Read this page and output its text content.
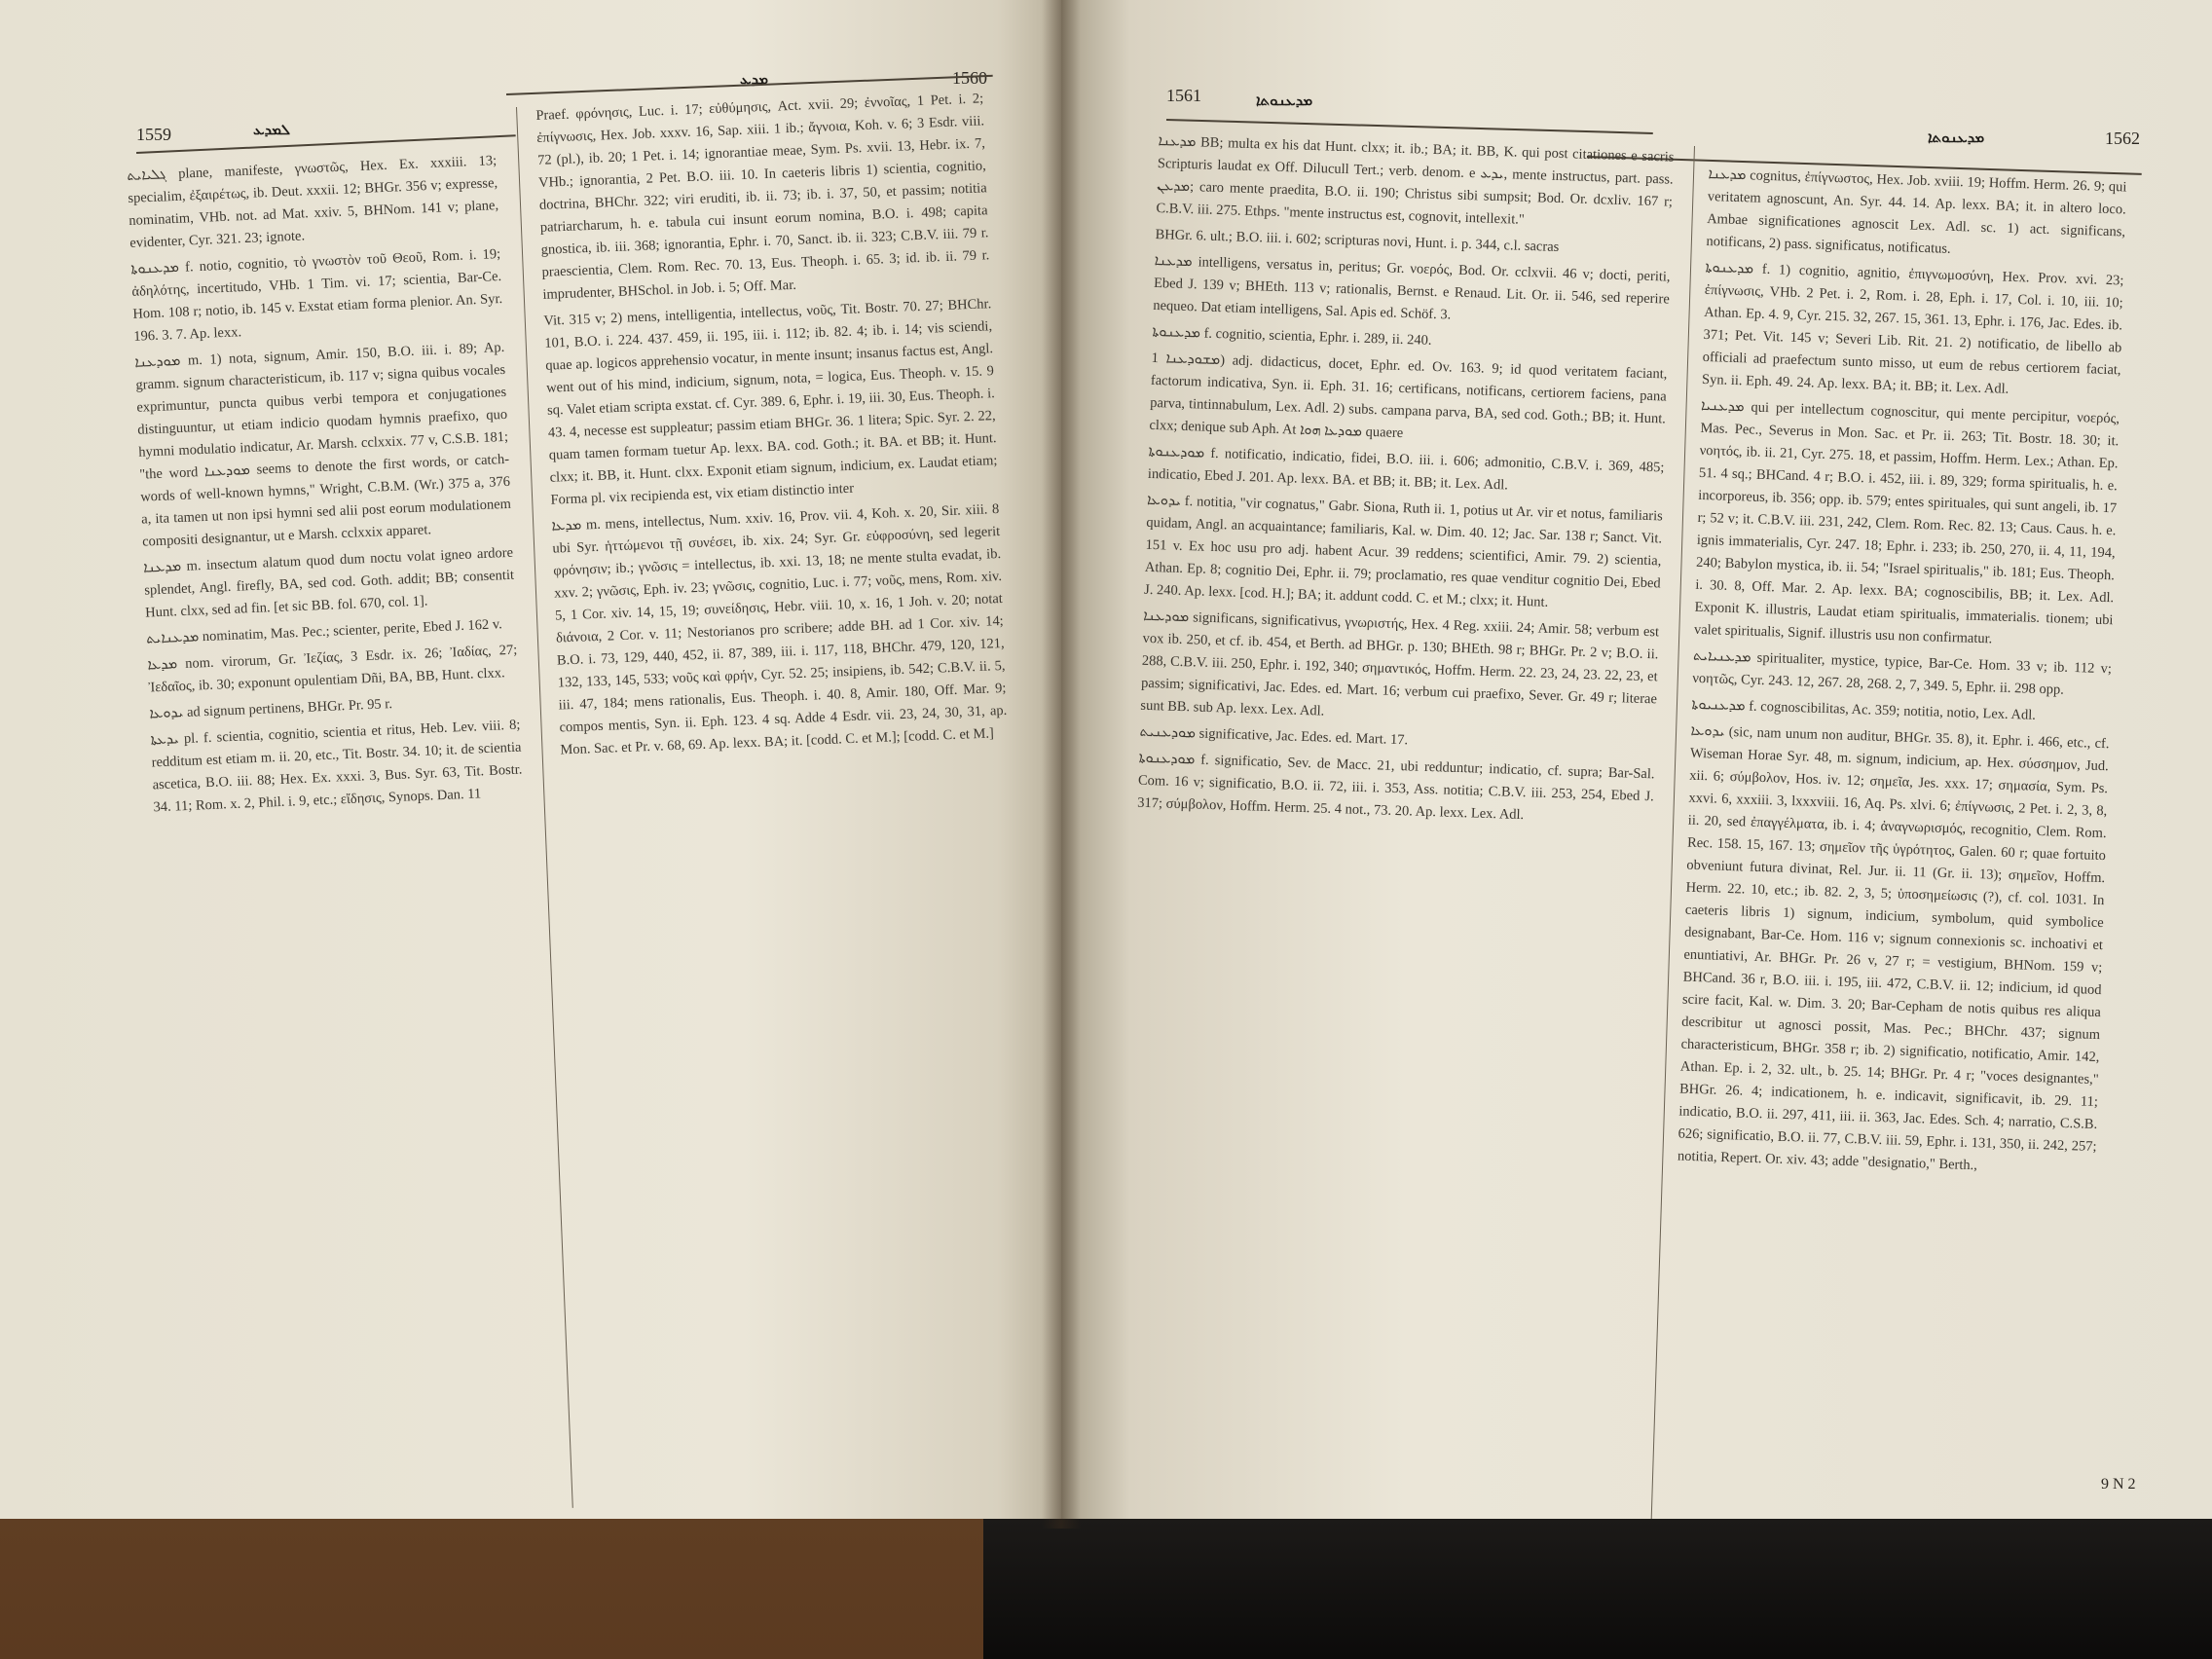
1559	ܠܡܕܥ
ܡܕܥ	1560

ܓܠܝܐܝܬ plane, manifeste, γνωστῶς, Hex. Ex. xxxiii. 13; specialim, ἐξαιρέτως, ib. Deut. xxxii. 12; BHGr. 356 v; expresse, nominatim, VHb. not. ad Mat. xxiv. 5, BHNom. 141 v; plane, evidenter, Cyr. 321. 23; ignote.

ܡܕܥܢܘܬܐ f. notio, cognitio, τὸ γνωστὸν τοῦ Θεοῦ, Rom. i. 19; ἀδηλότης, incertitudo, VHb. 1 Tim. vi. 17; scientia, Bar-Ce. Hom. 108 r; notio, ib. 145 v. Exstat etiam forma plenior. An. Syr. 196. 3. 7. Ap. lexx.

ܡܘܕܥܢܐ m. 1) nota, signum, Amir. 150, B.O. iii. i. 89; Ap. gramm. signum characteristicum, ib. 117 v; signa quibus vocales exprimuntur, puncta quibus verbi tempora et conjugationes distinguuntur, ut etiam indicio quodam hymnis praefixo, quo hymni modulatio indicatur, Ar. Marsh. cclxxix. 77 v, C.S.B. 181; "the word ܡܘܕܥܢܐ seems to denote the first words, or catch-words of well-known hymns," Wright, C.B.M. (Wr.) 375 a, 376 a, ita tamen ut non ipsi hymni sed alii post eorum modulationem compositi designantur, ut e Marsh. cclxxix apparet.

ܡܕܥܢܐ m. insectum alatum quod dum noctu volat igneo ardore splendet, Angl. firefly, BA, sed cod. Goth. addit; BB; consentit Hunt. clxx, sed ad fin. [et sic BB. fol. 670, col. 1].

ܡܕܥܢܐܝܬ nominatim, Mas. Pec.; scienter, perite, Ebed J. 162 v.

ܡܕܥܐ nom. virorum, Gr. Ἰεζίας, 3 Esdr. ix. 26; Ἰαδίας, 27; Ἰεδαῖος, ib. 30; exponunt opulentiam Dñi, BA, BB, Hunt. clxx.

ܝܕܘܥܐ ad signum pertinens, BHGr. Pr. 95 r.

ܝܕܥܬܐ pl. f. scientia, cognitio, scientia et ritus, Heb. Lev. viii. 8; redditum est etiam m. ii. 20, etc., Tit. Bostr. 34. 10; it. de scientia ascetica, B.O. iii. 88; Hex. Ex. xxxi. 3, Bus. Syr. 63, Tit. Bostr. 34. 11; Rom. x. 2, Phil. i. 9, etc.; εἴδησις, Synops. Dan. 11

Praef. φρόνησις, Luc. i. 17; εὐθύμησις, Act. xvii. 29; ἐννοῖας, 1 Pet. i. 2; ἐπίγνωσις, Hex. Job. xxxv. 16, Sap. xiii. 1 ib.; ἄγνοια, Koh. v. 6; 3 Esdr. viii. 72 (pl.), ib. 20; 1 Pet. i. 14; ignorantiae meae, Sym. Ps. xvii. 13, Hebr. ix. 7, VHb.; ignorantia, 2 Pet. B.O. iii. 10. In caeteris libris 1) scientia, cognitio, doctrina, BHChr. 322; viri eruditi, ib. ii. 73; ib. i. 37, 50, et passim; notitia patriarcharum, h. e. tabula cui insunt eorum nomina, B.O. i. 498; capita gnostica, ib. iii. 368; ignorantia, Ephr. i. 70, Sanct. ib. ii. 323; C.B.V. iii. 79 r. praescientia, Clem. Rom. Rec. 70. 13, Eus. Theoph. i. 65. 3; id. ib. ii. 79 r. imprudenter, BHSchol. in Job. i. 5; Off. Mar.

Vit. 315 v; 2) mens, intelligentia, intellectus, νοῦς, Tit. Bostr. 70. 27; BHChr. 101, B.O. i. 224. 437. 459, ii. 195, iii. i. 112; ib. 82. 4; ib. i. 14; vis sciendi, quae ap. logicos apprehensio vocatur, in mente insunt; insanus factus est, Angl. went out of his mind, indicium, signum, nota, = logica, Eus. Theoph. v. 15. 9 sq. Valet etiam scripta exstat. cf. Cyr. 389. 6, Ephr. i. 19, iii. 30, Eus. Theoph. i. 43. 4, necesse est suppleatur; passim etiam BHGr. 36. 1 litera; Spic. Syr. 2. 22, quam tamen formam tuetur Ap. lexx. BA. cod. Goth.; it. BA. et BB; it. Hunt. clxx; it. BB, it. Hunt. clxx. Exponit etiam signum, indicium, ex. Laudat etiam; Forma pl. vix recipienda est, vix etiam distinctio inter

ܡܕܥܐ m. mens, intellectus, Num. xxiv. 16, Prov. vii. 4, Koh. x. 20, Sir. xiii. 8 ubi Syr. ἡττώμενοι τῇ συνέσει, ib. xix. 24; Syr. Gr. εὐφροσύνη, sed legerit φρόνησιν; ib.; γνῶσις = intellectus, ib. xxi. 13, 18; ne mente stulta evadat, ib. xxv. 2; γνῶσις, Eph. iv. 23; γνῶσις, cognitio, Luc. i. 77; νοῦς, mens, Rom. xiv. 5, 1 Cor. xiv. 14, 15, 19; συνείδησις, Hebr. viii. 10, x. 16, 1 Joh. v. 20; notat διάνοια, 2 Cor. v. 11; Nestorianos pro scribere; adde BH. ad 1 Cor. xiv. 14; B.O. i. 73, 129, 440, 452, ii. 87, 389, iii. i. 117, 118, BHChr. 479, 120, 121, 132, 133, 145, 533; νοῦς καὶ φρήν, Cyr. 52. 25; insipiens, ib. 542; C.B.V. ii. 5, iii. 47, 184; mens rationalis, Eus. Theoph. i. 40. 8, Amir. 180, Off. Mar. 9; compos mentis, Syn. ii. Eph. 123. 4 sq. Adde 4 Esdr. vii. 23, 24, 30, 31, ap. Mon. Sac. et Pr. v. 68, 69. Ap. lexx. BA; it. [codd. C. et M.]; [codd. C. et M.]

1561	ܡܕܥܢܘܬܐ
ܡܕܥܢܘܬܐ	1562

ܡܕܥܢܐ BB; multa ex his dat Hunt. clxx; it. ib.; BA; it. BB, K. qui post citationes e sacris Scripturis laudat ex Off. Dilucull Tert.; verb. denom. e ܝܕܥ, mente instructus, part. pass. ܡܕܥܢ; caro mente praedita, B.O. ii. 190; Christus sibi sumpsit; Bod. Or. dcxliv. 167 r; C.B.V. iii. 275. Ethps. "mente instructus est, cognovit, intellexit."

BHGr. 6. ult.; B.O. iii. i. 602; scripturas novi, Hunt. i. p. 344, c.l. sacras

ܡܕܥܢܐ intelligens, versatus in, peritus; Gr. νοερός, Bod. Or. cclxvii. 46 v; docti, periti, Ebed J. 139 v; BHEth. 113 v; rationalis, Bernst. e Renaud. Lit. Or. ii. 546, sed reperire nequeo. Dat etiam intelligens, Sal. Apis ed. Schöf. 3.

ܡܕܥܢܘܬܐ f. cognitio, scientia, Ephr. i. 289, ii. 240.

ܡܫܘܕܥܢܐ 1) adj. didacticus, docet, Ephr. ed. Ov. 163. 9; id quod veritatem faciant, factorum indicativa, Syn. ii. Eph. 31. 16; certificans, notificans, certiorem faciens, pana parva, tintinnabulum, Lex. Adl. 2) subs. campana parva, BA, sed cod. Goth.; BB; it. Hunt. clxx; denique sub Aph. At ܡܘܕܥܐ ܗܘܐ quaere

ܡܘܕܥܢܘܬܐ f. notificatio, indicatio, fidei, B.O. iii. i. 606; admonitio, C.B.V. i. 369, 485; indicatio, Ebed J. 201. Ap. lexx. BA. et BB; it. BB; it. Lex. Adl.

ܝܕܘܥܐ f. notitia, "vir cognatus," Gabr. Siona, Ruth ii. 1, potius ut Ar. vir et notus, familiaris quidam, Angl. an acquaintance; familiaris, Kal. w. Dim. 40. 12; Jac. Sar. 138 r; Sanct. Vit. 151 v. Ex hoc usu pro adj. habent Acur. 39 reddens; scientifici, Amir. 79. 2) scientia, Athan. Ep. 8; cognitio Dei, Ephr. ii. 79; proclamatio, res quae venditur cognitio Dei, Ebed J. 240. Ap. lexx. [cod. H.]; BA; it. addunt codd. C. et M.; clxx; it. Hunt.

ܡܘܕܥܢܐ significans, significativus, γνωριστής, Hex. 4 Reg. xxiii. 24; Amir. 58; verbum est vox ib. 250, et cf. ib. 454, et Berth. ad BHGr. p. 130; BHEth. 98 r; BHGr. Pr. 2 v; B.O. ii. 288, C.B.V. iii. 250, Ephr. i. 192, 340; σημαντικός, Hoffm. Herm. 22. 23, 24, 23. 22, 23, et passim; significativi, Jac. Edes. ed. Mart. 16; verbum cui praefixo, Sever. Gr. 49 r; literae sunt BB. sub Ap. lexx. Lex. Adl.

ܡܘܕܥܢܝܬ significative, Jac. Edes. ed. Mart. 17.

ܡܘܕܥܢܘܬܐ f. significatio, Sev. de Macc. 21, ubi redduntur; indicatio, cf. supra; Bar-Sal. Com. 16 v; significatio, B.O. ii. 72, iii. i. 353, Ass. notitia; C.B.V. iii. 253, 254, Ebed J. 317; σύμβολον, Hoffm. Herm. 25. 4 not., 73. 20. Ap. lexx. Lex. Adl.

ܡܕܥܢܐ cognitus, ἐπίγνωστος, Hex. Job. xviii. 19; Hoffm. Herm. 26. 9; qui veritatem agnoscunt, An. Syr. 44. 14. Ap. lexx. BA; it. in altero loco. Ambae significationes agnoscit Lex. Adl. sc. 1) act. significans, notificans, 2) pass. significatus, notificatus.

ܡܕܥܢܘܬܐ f. 1) cognitio, agnitio, ἐπιγνωμοσύνη, Hex. Prov. xvi. 23; ἐπίγνωσις, VHb. 2 Pet. i. 2, Rom. i. 28, Eph. i. 17, Col. i. 10, iii. 10; Athan. Ep. 4. 9, Cyr. 215. 32, 267. 15, 361. 13, Ephr. i. 176, Jac. Edes. ib. 371; Pet. Vit. 145 v; Severi Lib. Rit. 21. 2) notificatio, de libello ab officiali ad praefectum sunto misso, ut eum de rebus certiorem faciat, Syn. ii. Eph. 49. 24. Ap. lexx. BA; it. BB; it. Lex. Adl.

ܡܕܥܢܝܐ qui per intellectum cognoscitur, qui mente percipitur, νοερός, Mas. Pec., Severus in Mon. Sac. et Pr. ii. 263; Tit. Bostr. 18. 30; it. νοητός, ib. ii. 21, Cyr. 275. 18, et passim, Hoffm. Herm. Lex.; Athan. Ep. 51. 4 sq.; BHCand. 4 r; B.O. i. 452, iii. i. 89, 329; forma spiritualis, h. e. incorporeus, ib. 356; opp. ib. 579; entes spirituales, qui sunt angeli, ib. 17 r; 52 v; it. C.B.V. iii. 231, 242, Clem. Rom. Rec. 82. 13; Caus. Caus. h. e. ignis immaterialis, Cyr. 247. 18; Ephr. i. 233; ib. 250, 270, ii. 4, 11, 194, 240; Babylon mystica, ib. ii. 54; "Israel spiritualis," ib. 181; Eus. Theoph. i. 30. 8, Off. Mar. 2. Ap. lexx. BA; cognoscibilis, BB; it. Lex. Adl. Exponit K. illustris, Laudat etiam spiritualis, immaterialis. tionem; ubi valet spiritualis, Signif. illustris usu non confirmatur.

ܡܕܥܢܝܐܝܬ spiritualiter, mystice, typice, Bar-Ce. Hom. 33 v; ib. 112 v; νοητῶς, Cyr. 243. 12, 267. 28, 268. 2, 7, 349. 5, Ephr. ii. 298 opp.

ܡܕܥܢܝܘܬܐ f. cognoscibilitas, Ac. 359; notitia, notio, Lex. Adl.

ܝܕܘܥܐ (sic, nam unum non auditur, BHGr. 35. 8), it. Ephr. i. 466, etc., cf. Wiseman Horae Syr. 48, m. signum, indicium, ap. Hex. σύσσημον, Jud. xii. 6; σύμβολον, Hos. iv. 12; σημεῖα, Jes. xxx. 17; σημασία, Sym. Ps. xxvi. 6, xxxiii. 3, lxxxviii. 16, Aq. Ps. xlvi. 6; ἐπίγνωσις, 2 Pet. i. 2, 3, 8, ii. 20, sed ἐπαγγέλματα, ib. i. 4; ἀναγνωρισμός, recognitio, Clem. Rom. Rec. 158. 15, 167. 13; σημεῖον τῆς ὑγρότητος, Galen. 60 r; quae fortuito obveniunt futura divinat, Rel. Jur. ii. 11 (Gr. ii. 13); σημεῖον, Hoffm. Herm. 22. 10, etc.; ib. 82. 2, 3, 5; ὑποσημείωσις (?), cf. col. 1031. In caeteris libris 1) signum, indicium, symbolum, quid symbolice designabant, Bar-Ce. Hom. 116 v; signum connexionis sc. inchoativi et enuntiativi, Ar. BHGr. Pr. 26 v, 27 r; = vestigium, BHNom. 159 v; BHCand. 36 r, B.O. iii. i. 195, iii. 472, C.B.V. ii. 12; indicium, id quod scire facit, Kal. w. Dim. 3. 20; Bar-Cepham de notis quibus res aliqua describitur ut agnosci possit, Mas. Pec.; BHChr. 437; signum characteristicum, BHGr. 358 r; ib. 2) significatio, notificatio, Amir. 142, Athan. Ep. i. 2, 32. ult., b. 25. 14; BHGr. Pr. 4 r; "voces designantes," BHGr. 26. 4; indicationem, h. e. indicavit, significavit, ib. 29. 11; indicatio, B.O. ii. 297, 411, iii. ii. 363, Jac. Edes. Sch. 4; narratio, C.S.B. 626; significatio, B.O. ii. 77, C.B.V. iii. 59, Ephr. i. 131, 350, ii. 242, 257; notitia, Repert. Or. xiv. 43; adde "designatio," Berth.,

9 N 2
